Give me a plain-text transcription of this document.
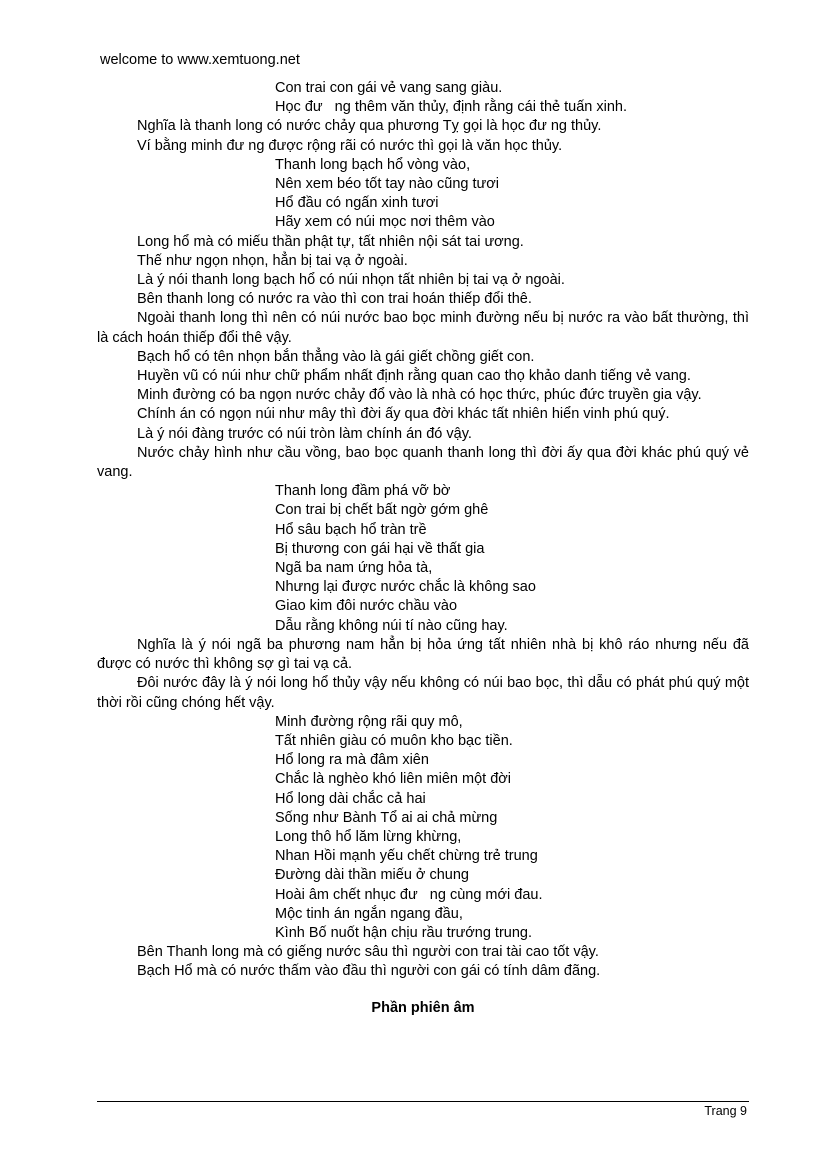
welcome to www.xemtuong.net
Con trai con gái vẻ vang sang giàu.
Học đư   ng thêm văn thủy, định rằng cái thẻ tuấn xinh.
Nghĩa là thanh long có nước chảy qua phương Tỵ gọi là học đư ng thủy.
Ví bằng minh đư ng được rộng rãi có nước thì gọi là văn học thủy.
Thanh long bạch hổ vòng vào,
Nên xem béo tốt tay nào cũng tươi
Hổ đầu có ngấn xinh tươi
Hãy xem có núi mọc nơi thêm vào
Long hổ mà có miếu thần phật tự, tất nhiên nội sát tai ương.
Thế như ngọn nhọn, hẳn bị tai vạ ở ngoài.
Là ý nói thanh long bạch hổ có núi nhọn tất nhiên bị tai vạ ở ngoài.
Bên thanh long có nước ra vào thì con trai hoán thiếp đổi thê.
Ngoài thanh long thì nên có núi nước bao bọc minh đường nếu bị nước ra vào bất thường, thì là cách hoán thiếp đổi thê vậy.
Bạch hổ có tên nhọn bắn thẳng vào là gái giết chồng giết con.
Huyền vũ có núi như chữ phẩm nhất định rằng quan cao thọ khảo danh tiếng vẻ vang.
Minh đường có ba ngọn nước chảy đổ vào là nhà có học thức, phúc đức truyền gia vậy.
Chính án có ngọn núi như mây thì đời ấy qua đời khác tất nhiên hiển vinh phú quý.
Là ý nói đàng trước có núi tròn làm chính án đó vậy.
Nước chảy hình như cầu vồng, bao bọc quanh thanh long thì đời ấy qua đời khác phú quý vẻ vang.
Thanh long đầm phá vỡ bờ
Con trai bị chết bất ngờ gớm ghê
Hổ sâu bạch hổ tràn trề
Bị thương con gái hại về thất gia
Ngã ba nam ứng hỏa tà,
Nhưng lại được nước chắc là không sao
Giao kim đôi nước chầu vào
Dẫu rằng không núi tí nào cũng hay.
Nghĩa là ý nói ngã ba phương nam hẳn bị hỏa ứng tất nhiên nhà bị khô ráo nhưng nếu đã được có nước thì không sợ gì tai vạ cả.
Đôi nước đây là ý nói long hổ thủy vậy nếu không có núi bao bọc, thì dẫu có phát phú quý một thời rồi cũng chóng hết vậy.
Minh đường rộng rãi quy mô,
Tất nhiên giàu có muôn kho bạc tiền.
Hổ long ra mà đâm xiên
Chắc là nghèo khó liên miên một đời
Hổ long dài chắc cả hai
Sống như Bành Tổ ai ai chả mừng
Long thô hổ lăm lừng khừng,
Nhan Hồi mạnh yếu chết chừng trẻ trung
Đường dài thần miếu ở chung
Hoài âm chết nhục đư   ng cùng mới đau.
Mộc tinh án ngắn ngang đầu,
Kình Bố nuốt hận chịu rầu trướng trung.
Bên Thanh long mà có giếng nước sâu thì người con trai tài cao tốt vậy.
Bạch Hổ mà có nước thấm vào đầu thì người con gái có tính dâm đãng.
Phần phiên âm
Trang 9
